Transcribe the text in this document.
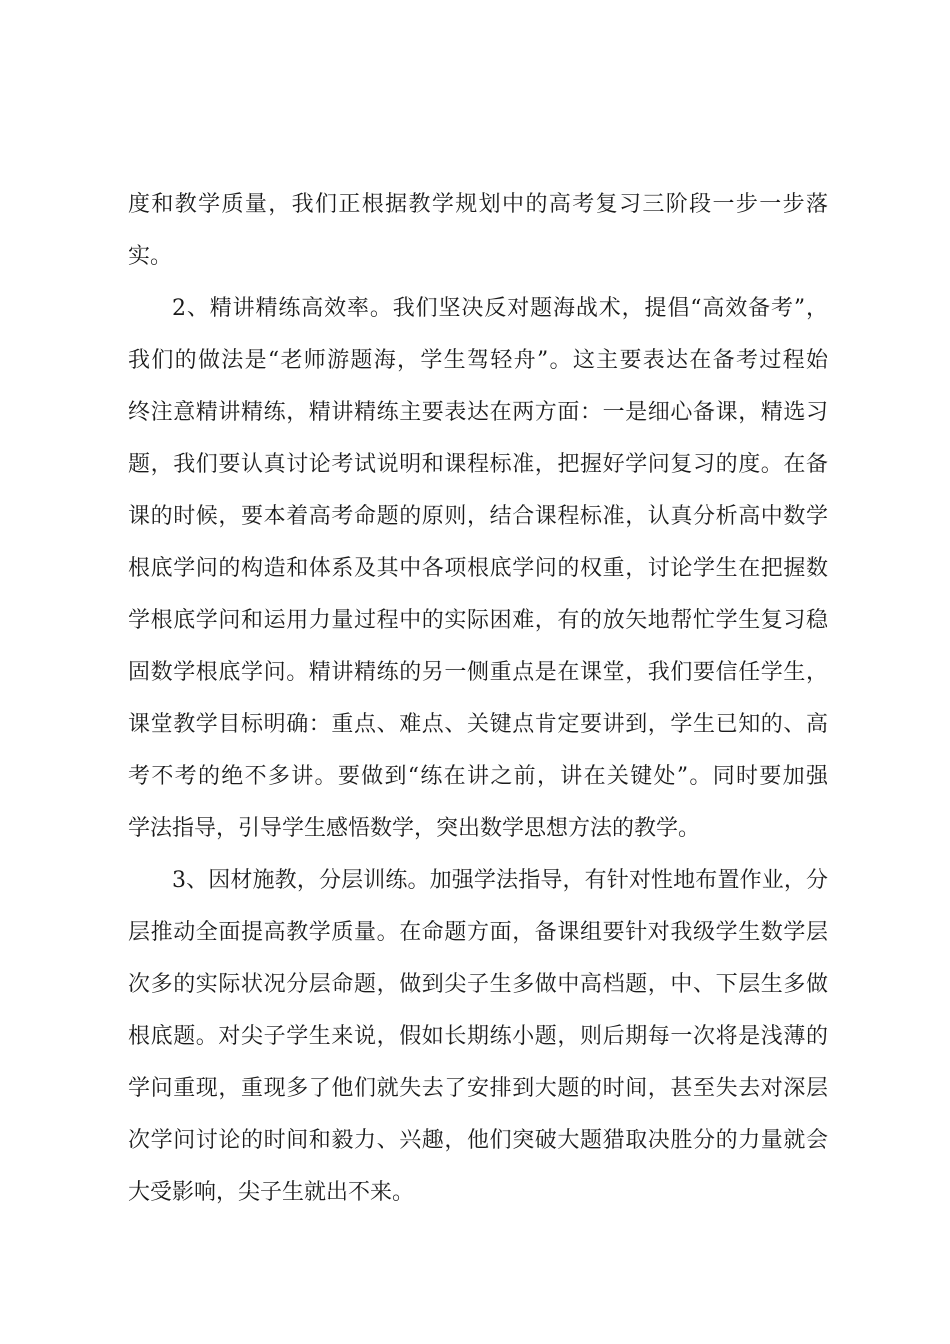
度和教学质量，我们正根据教学规划中的高考复习三阶段一步一步落
实。
2、精讲精练高效率。我们坚决反对题海战术，提倡“高效备考”，
我们的做法是“老师游题海，学生驾轻舟”。这主要表达在备考过程始
终注意精讲精练，精讲精练主要表达在两方面：一是细心备课，精选习
题，我们要认真讨论考试说明和课程标准，把握好学问复习的度。在备
课的时候，要本着高考命题的原则，结合课程标准，认真分析高中数学
根底学问的构造和体系及其中各项根底学问的权重，讨论学生在把握数
学根底学问和运用力量过程中的实际困难，有的放矢地帮忙学生复习稳
固数学根底学问。精讲精练的另一侧重点是在课堂，我们要信任学生，
课堂教学目标明确：重点、难点、关键点肯定要讲到，学生已知的、高
考不考的绝不多讲。要做到“练在讲之前，讲在关键处”。同时要加强
学法指导，引导学生感悟数学，突出数学思想方法的教学。
3、因材施教，分层训练。加强学法指导，有针对性地布置作业，分
层推动全面提高教学质量。在命题方面，备课组要针对我级学生数学层
次多的实际状况分层命题，做到尖子生多做中高档题，中、下层生多做
根底题。对尖子学生来说，假如长期练小题，则后期每一次将是浅薄的
学问重现，重现多了他们就失去了安排到大题的时间，甚至失去对深层
次学问讨论的时间和毅力、兴趣，他们突破大题猎取决胜分的力量就会
大受影响，尖子生就出不来。
